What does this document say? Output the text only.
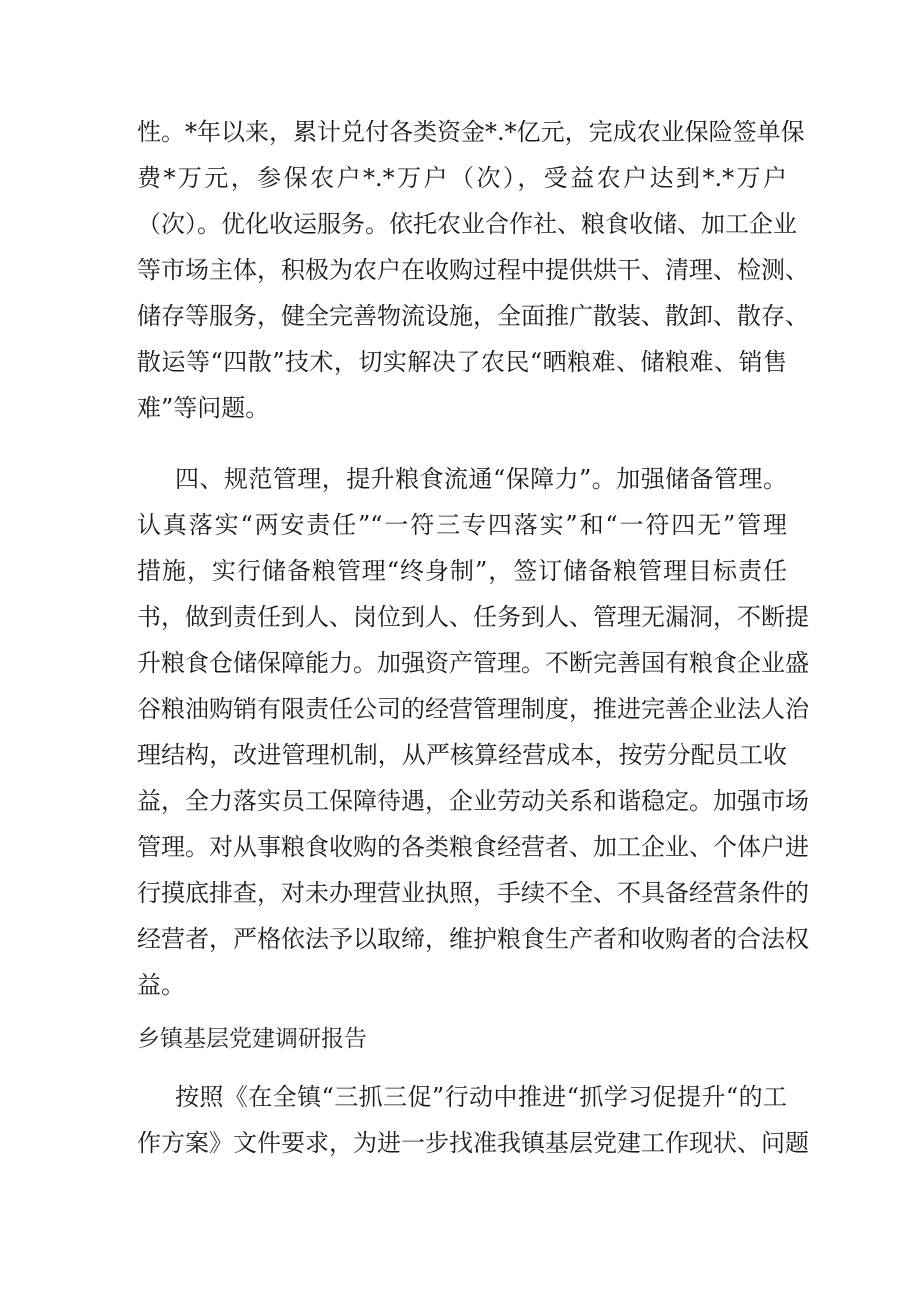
性。*年以来，累计兑付各类资金*.*亿元，完成农业保险签单保
费*万元，参保农户*.*万户（次），受益农户达到*.*万户
（次）。优化收运服务。依托农业合作社、粮食收储、加工企业
等市场主体，积极为农户在收购过程中提供烘干、清理、检测、
储存等服务，健全完善物流设施，全面推广散装、散卸、散存、
散运等“四散”技术，切实解决了农民“晒粮难、储粮难、销售
难”等问题。
四、规范管理，提升粮食流通“保障力”。加强储备管理。
认真落实“两安责任”“一符三专四落实”和“一符四无”管理
措施，实行储备粮管理“终身制”，签订储备粮管理目标责任
书，做到责任到人、岗位到人、任务到人、管理无漏洞，不断提
升粮食仓储保障能力。加强资产管理。不断完善国有粮食企业盛
谷粮油购销有限责任公司的经营管理制度，推进完善企业法人治
理结构，改进管理机制，从严核算经营成本，按劳分配员工收
益，全力落实员工保障待遇，企业劳动关系和谐稳定。加强市场
管理。对从事粮食收购的各类粮食经营者、加工企业、个体户进
行摸底排查，对未办理营业执照，手续不全、不具备经营条件的
经营者，严格依法予以取缔，维护粮食生产者和收购者的合法权
益。
乡镇基层党建调研报告
按照《在全镇“三抓三促”行动中推进“抓学习促提升“的工
作方案》文件要求，为进一步找准我镇基层党建工作现状、问题
